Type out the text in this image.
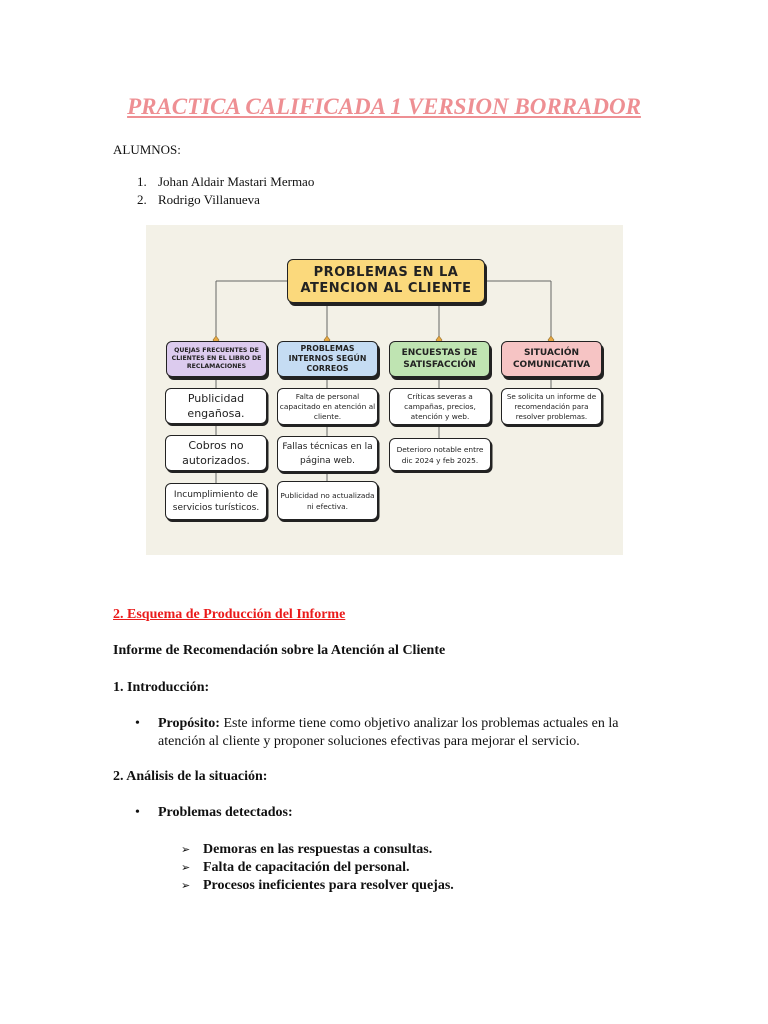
PRACTICA CALIFICADA 1 VERSION BORRADOR

ALUMNOS:

1. Johan Aldair Mastari Mermao
2. Rodrigo Villanueva
PROBLEMAS EN LA ATENCION AL CLIENTE
QUEJAS FRECUENTES DE CLIENTES EN EL LIBRO DE RECLAMACIONES
PROBLEMAS INTERNOS SEGÚN CORREOS
ENCUESTAS DE SATISFACCIÓN
SITUACIÓN COMUNICATIVA
Publicidad engañosa.
Cobros no autorizados.
Incumplimiento de servicios turísticos.
Falta de personal capacitado en atención al cliente.
Fallas técnicas en la página web.
Publicidad no actualizada ni efectiva.
Críticas severas a campañas, precios, atención y web.
Deterioro notable entre dic 2024 y feb 2025.
Se solicita un informe de recomendación para resolver problemas.

2. Esquema de Producción del Informe

Informe de Recomendación sobre la Atención al Cliente

1. Introducción:

• Propósito: Este informe tiene como objetivo analizar los problemas actuales en la atención al cliente y proponer soluciones efectivas para mejorar el servicio.

2. Análisis de la situación:

• Problemas detectados:
➢ Demoras en las respuestas a consultas.
➢ Falta de capacitación del personal.
➢ Procesos ineficientes para resolver quejas.
